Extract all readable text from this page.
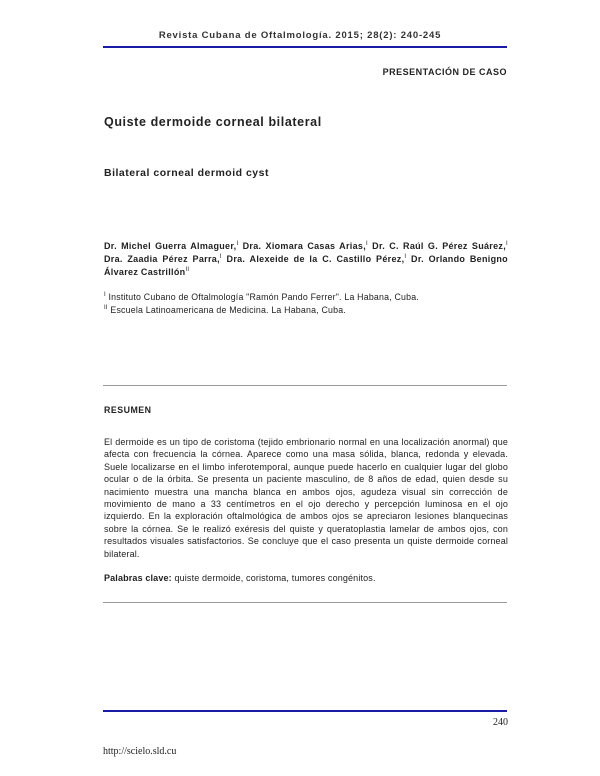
Revista Cubana de Oftalmología. 2015; 28(2): 240-245
PRESENTACIÓN DE CASO
Quiste dermoide corneal bilateral
Bilateral corneal dermoid cyst
Dr. Michel Guerra Almaguer,$^I$ Dra. Xiomara Casas Arias,$^I$ Dr. C. Raúl G. Pérez Suárez,$^I$ Dra. Zaadia Pérez Parra,$^I$ Dra. Alexeide de la C. Castillo Pérez,$^I$ Dr. Orlando Benigno Álvarez Castrillón$^{II}$
$^I$ Instituto Cubano de Oftalmología "Ramón Pando Ferrer". La Habana, Cuba.
$^{II}$ Escuela Latinoamericana de Medicina. La Habana, Cuba.
RESUMEN
El dermoide es un tipo de coristoma (tejido embrionario normal en una localización anormal) que afecta con frecuencia la córnea. Aparece como una masa sólida, blanca, redonda y elevada. Suele localizarse en el limbo inferotemporal, aunque puede hacerlo en cualquier lugar del globo ocular o de la órbita. Se presenta un paciente masculino, de 8 años de edad, quien desde su nacimiento muestra una mancha blanca en ambos ojos, agudeza visual sin corrección de movimiento de mano a 33 centímetros en el ojo derecho y percepción luminosa en el ojo izquierdo. En la exploración oftalmológica de ambos ojos se apreciaron lesiones blanquecinas sobre la córnea. Se le realizó exéresis del quiste y queratoplastia lamelar de ambos ojos, con resultados visuales satisfactorios. Se concluye que el caso presenta un quiste dermoide corneal bilateral.
Palabras clave: quiste dermoide, coristoma, tumores congénitos.
240
http://scielo.sld.cu
